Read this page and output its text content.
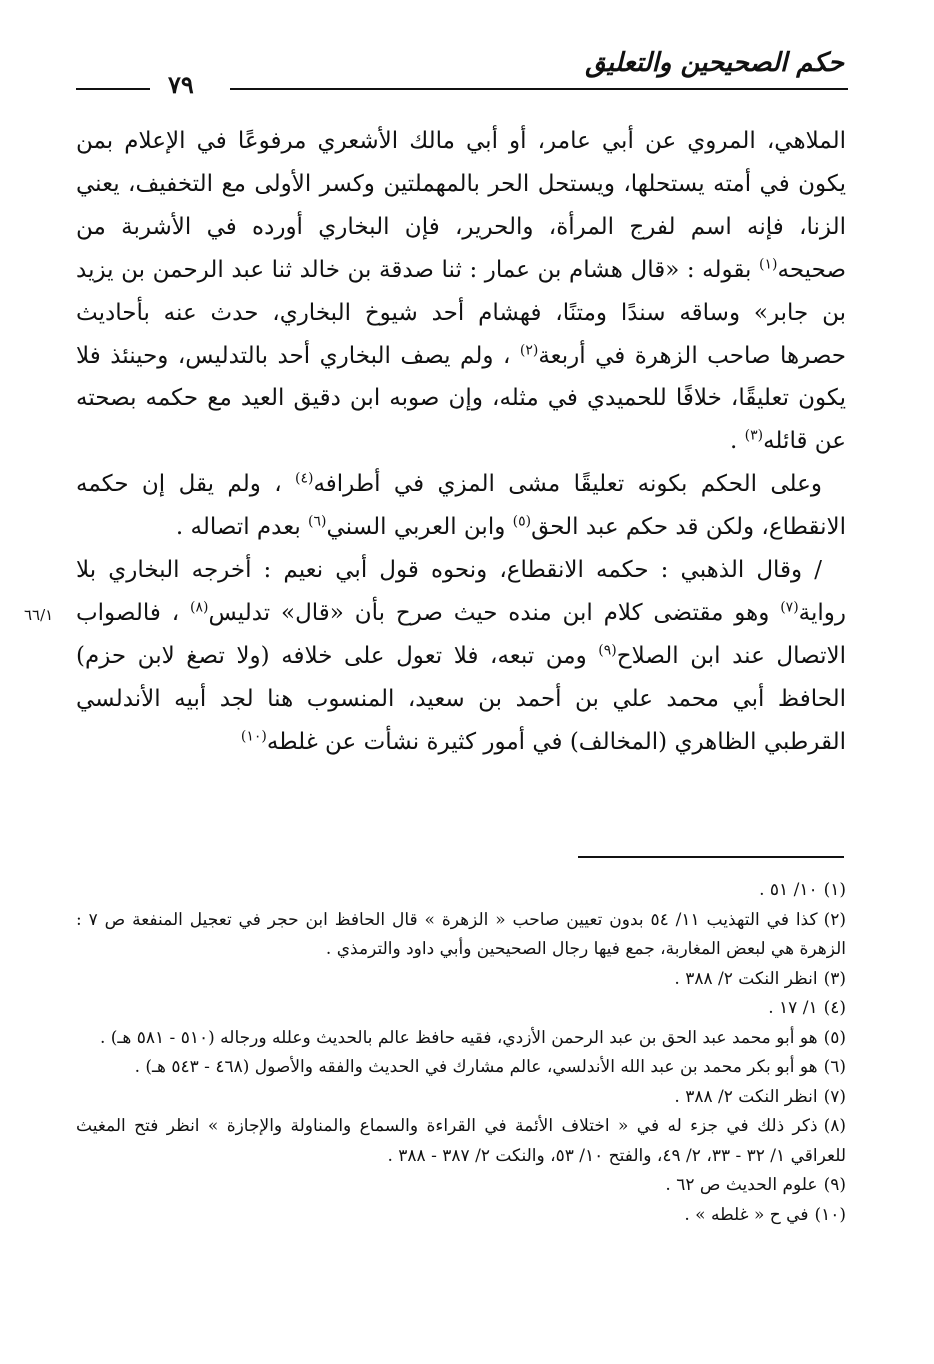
حكم الصحيحين والتعليق
٧٩
٦٦/١

الملاهي، المروي عن أبي عامر، أو أبي مالك الأشعري مرفوعًا في الإعلام بمن يكون في أمته يستحلها، ويستحل الحر بالمهملتين وكسر الأولى مع التخفيف، يعني الزنا، فإنه اسم لفرج المرأة، والحرير، فإن البخاري أورده في الأشربة من صحيحه$^{(١)}$ بقوله : «قال هشام بن عمار : ثنا صدقة بن خالد ثنا عبد الرحمن بن يزيد بن جابر» وساقه سندًا ومتنًا، فهشام أحد شيوخ البخاري، حدث عنه بأحاديث حصرها صاحب الزهرة في أربعة$^{(٢)}$ ، ولم يصف البخاري أحد بالتدليس، وحينئذ فلا يكون تعليقًا، خلافًا للحميدي في مثله، وإن صوبه ابن دقيق العيد مع حكمه بصحته عن قائله$^{(٣)}$ .

وعلى الحكم بكونه تعليقًا مشى المزي في أطرافه$^{(٤)}$ ، ولم يقل إن حكمه الانقطاع، ولكن قد حكم عبد الحق$^{(٥)}$ وابن العربي السني$^{(٦)}$ بعدم اتصاله .

/ وقال الذهبي : حكمه الانقطاع، ونحوه قول أبي نعيم : أخرجه البخاري بلا رواية$^{(٧)}$ وهو مقتضى كلام ابن منده حيث صرح بأن «قال» تدليس$^{(٨)}$ ، فالصواب الاتصال عند ابن الصلاح$^{(٩)}$ ومن تبعه، فلا تعول على خلافه (ولا تصغ لابن حزم) الحافظ أبي محمد علي بن أحمد بن سعيد، المنسوب هنا لجد أبيه الأندلسي القرطبي الظاهري (المخالف) في أمور كثيرة نشأت عن غلطه$^{(١٠)}$

(١)١٠/ ٥١ .

(٢)كذا في التهذيب ١١/ ٥٤ بدون تعيين صاحب « الزهرة » قال الحافظ ابن حجر في تعجيل المنفعة ص ٧ : الزهرة هي لبعض المغاربة، جمع فيها رجال الصحيحين وأبي داود والترمذي .

(٣)انظر النكت ٢/ ٣٨٨ .

(٤)١/ ١٧ .

(٥)هو أبو محمد عبد الحق بن عبد الرحمن الأزدي، فقيه حافظ عالم بالحديث وعلله ورجاله (٥١٠ - ٥٨١ هـ) .

(٦)هو أبو بكر محمد بن عبد الله الأندلسي، عالم مشارك في الحديث والفقه والأصول (٤٦٨ - ٥٤٣ هـ) .

(٧)انظر النكت ٢/ ٣٨٨ .

(٨)ذكر ذلك في جزء له في « اختلاف الأئمة في القراءة والسماع والمناولة والإجازة » انظر فتح المغيث للعراقي ١/ ٣٢ - ٣٣، ٢/ ٤٩، والفتح ١٠/ ٥٣، والنكت ٢/ ٣٨٧ - ٣٨٨ .

(٩)علوم الحديث ص ٦٢ .

(١٠)في ح « غلطه » .
